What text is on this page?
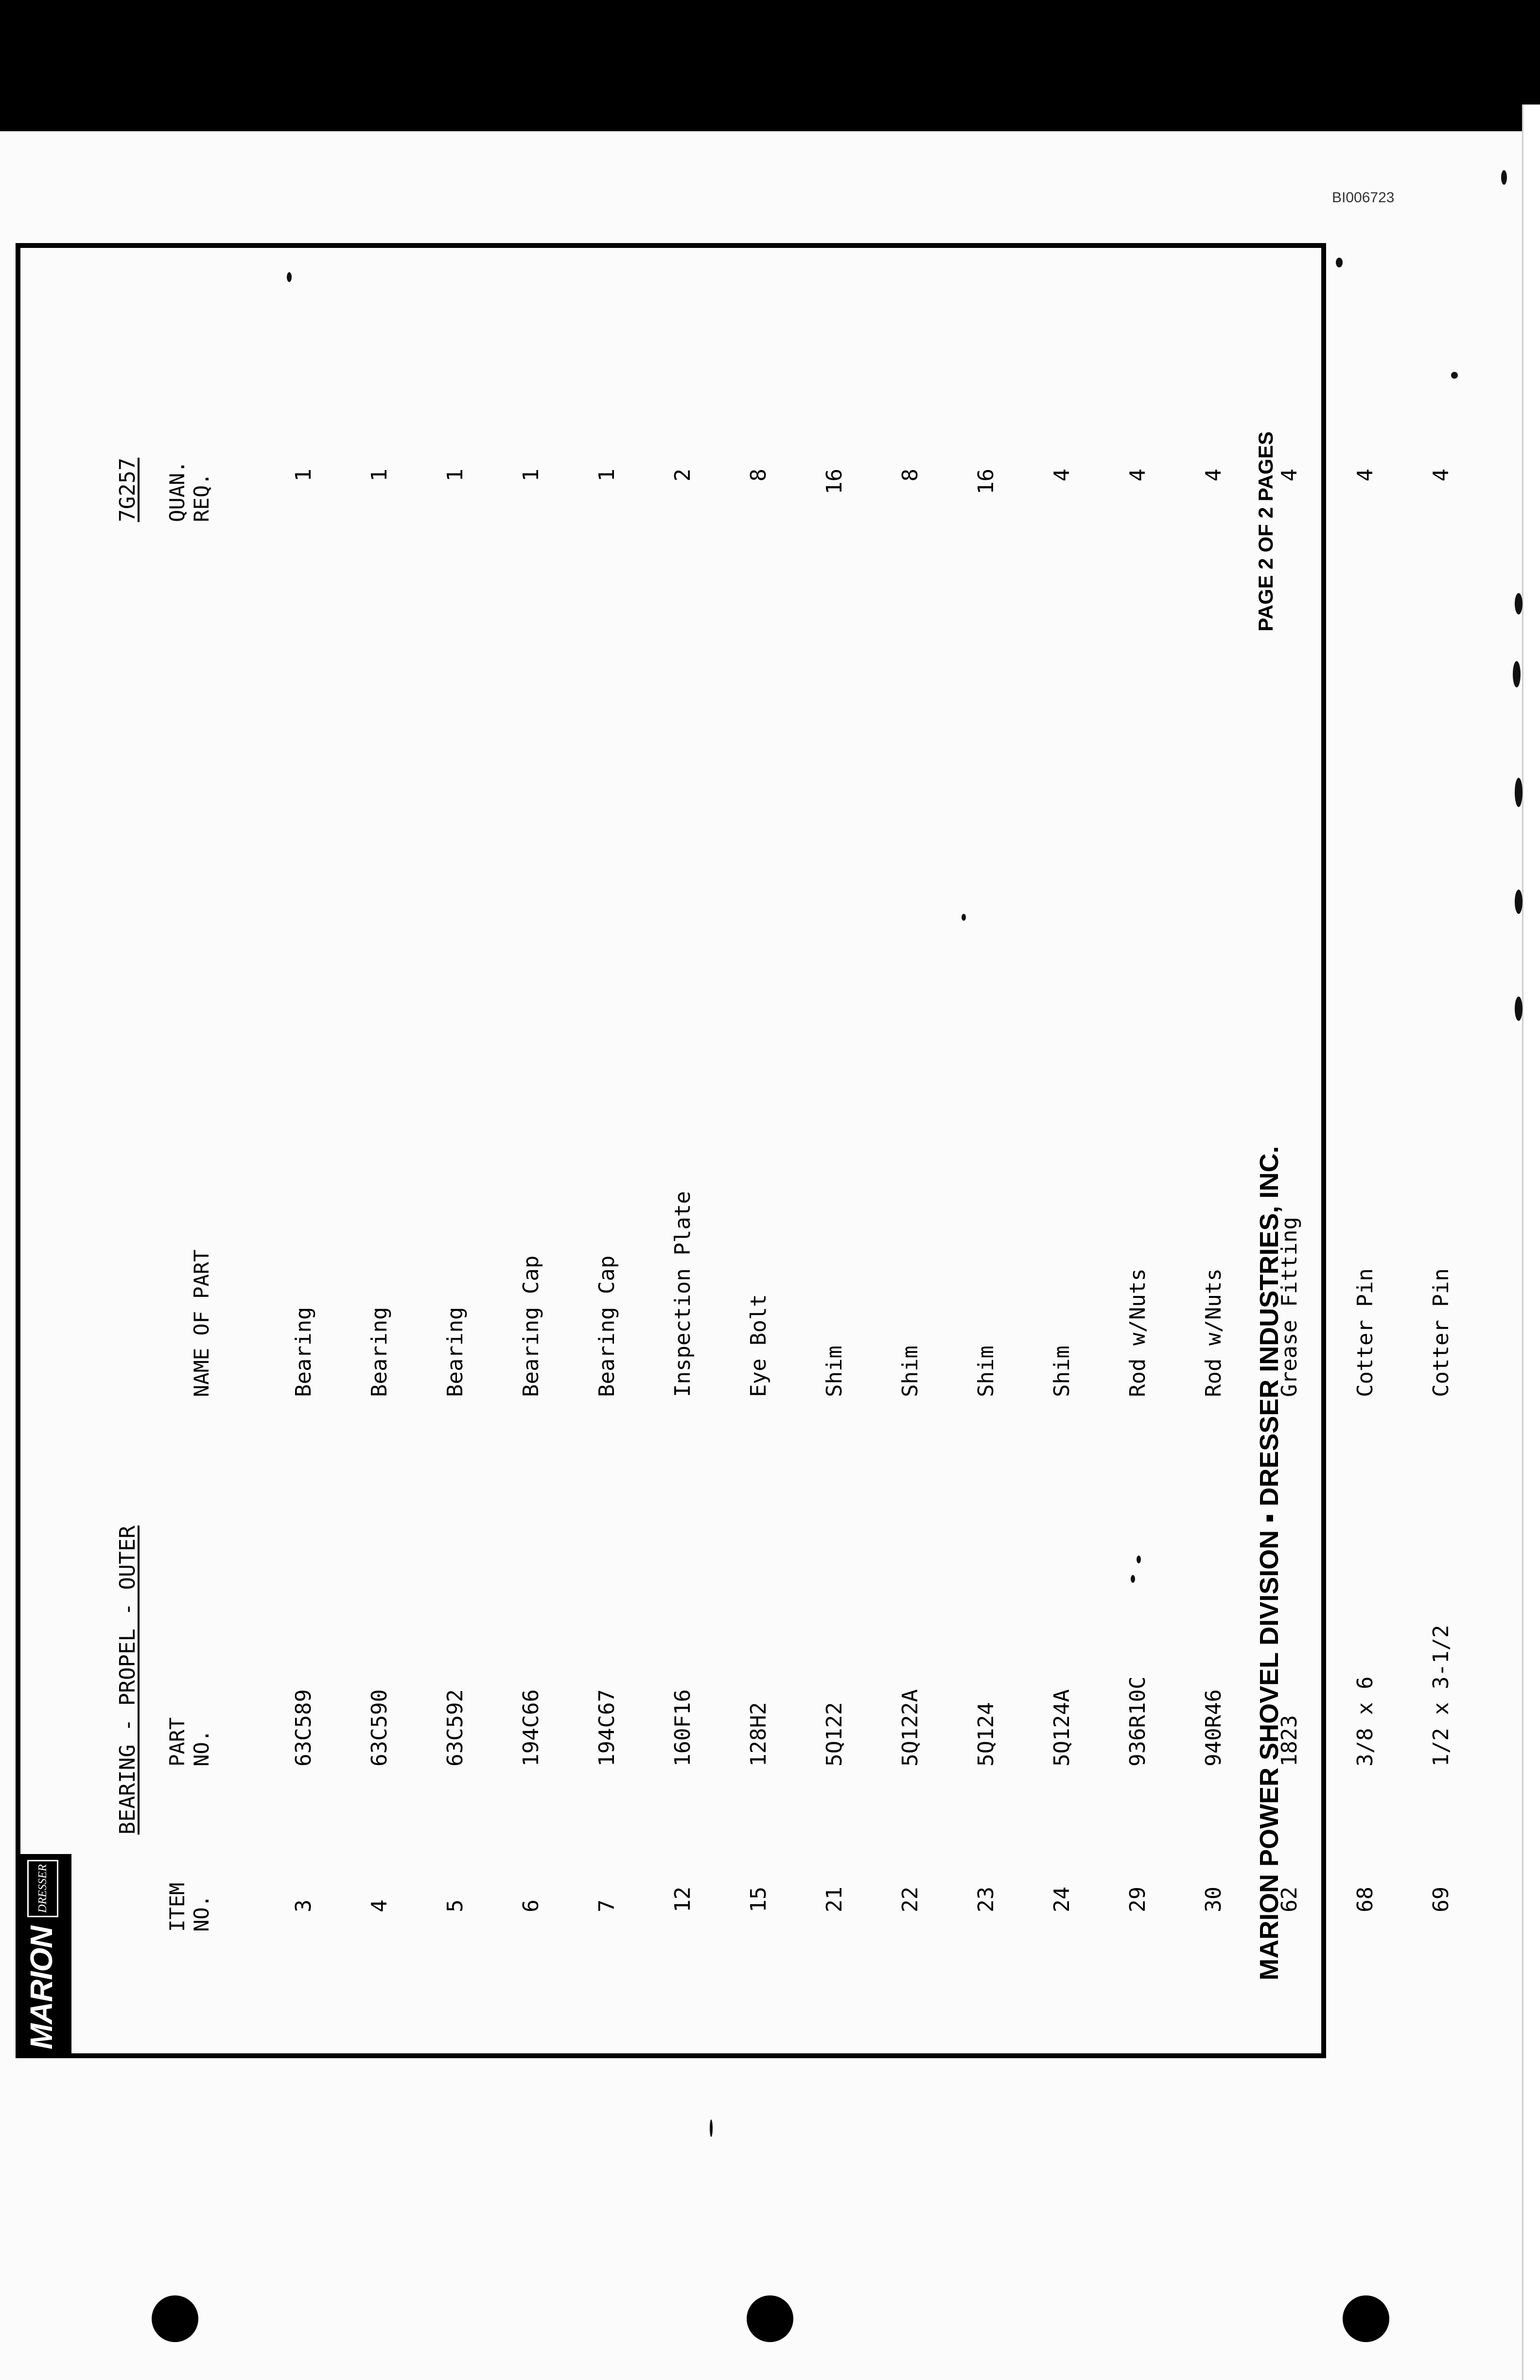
BI006723
MARION
DRESSER
BEARING - PROPEL - OUTER
7G257
ITEM
NO.
PART
NO.
NAME OF PART
QUAN.
REQ.

3

4

5

6

7

12

15

21

22

23

24

29

30

62

68

69

63C589

63C590

63C592

194C66

194C67

160F16

128H2

5Q122

5Q122A

5Q124

5Q124A

936R10C

940R46

1823

3/8 x 6

1/2 x 3-1/2

Bearing

Bearing

Bearing

Bearing Cap

Bearing Cap

Inspection Plate

Eye Bolt

Shim

Shim

Shim

Shim

Rod w/Nuts

Rod w/Nuts

Grease Fitting

Cotter Pin

Cotter Pin

1

1

1

1

1

2

8

16

8

16

4

4

4

4

4

4

MARION POWER SHOVEL DIVISION ▪ DRESSER INDUSTRIES, INC.
PAGE 2 OF 2 PAGES
